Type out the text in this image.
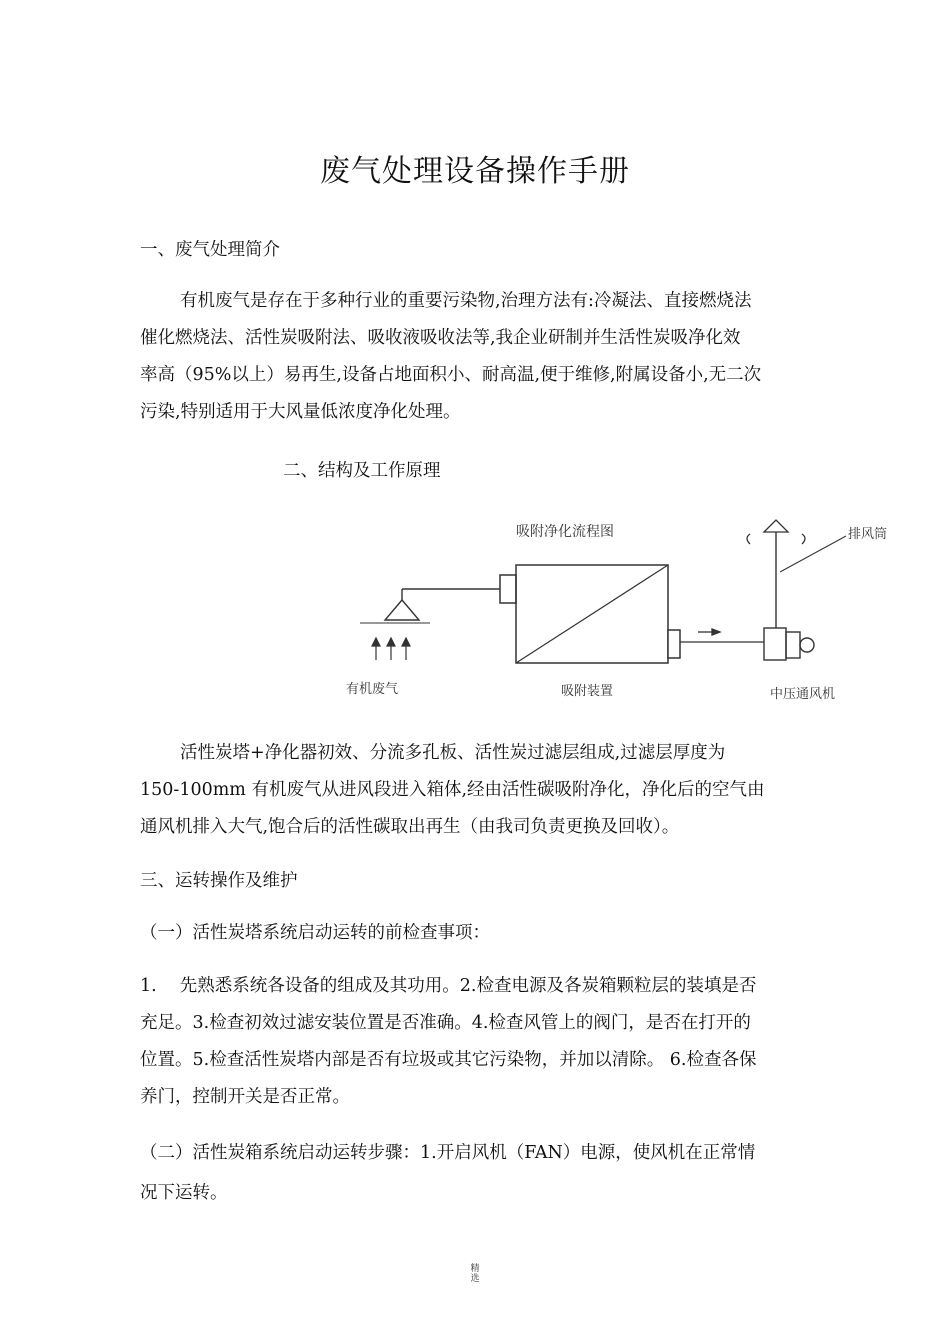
废气处理设备操作手册
一、废气处理简介
有机废气是存在于多种行业的重要污染物,治理方法有:冷凝法、直接燃烧法
催化燃烧法、活性炭吸附法、吸收液吸收法等,我企业研制并生活性炭吸净化效
率高（95%以上）易再生,设备占地面积小、耐高温,便于维修,附属设备小,无二次
污染,特别适用于大风量低浓度净化处理。
二、结构及工作原理
吸附净化流程图	排风筒
有机废气	吸附装置	中压通风机
活性炭塔+净化器初效、分流多孔板、活性炭过滤层组成,过滤层厚度为
150-100mm 有机废气从进风段进入箱体,经由活性碳吸附净化，净化后的空气由
通风机排入大气,饱合后的活性碳取出再生（由我司负责更换及回收）。
三、运转操作及维护
（一）活性炭塔系统启动运转的前检查事项：
1.　 先熟悉系统各设备的组成及其功用。2.检查电源及各炭箱颗粒层的装填是否
充足。3.检查初效过滤安装位置是否准确。4.检查风管上的阀门，是否在打开的
位置。5.检查活性炭塔内部是否有垃圾或其它污染物，并加以清除。 6.检查各保
养门，控制开关是否正常。
（二）活性炭箱系统启动运转步骤：1.开启风机（FAN）电源，使风机在正常情
况下运转。
精
选
